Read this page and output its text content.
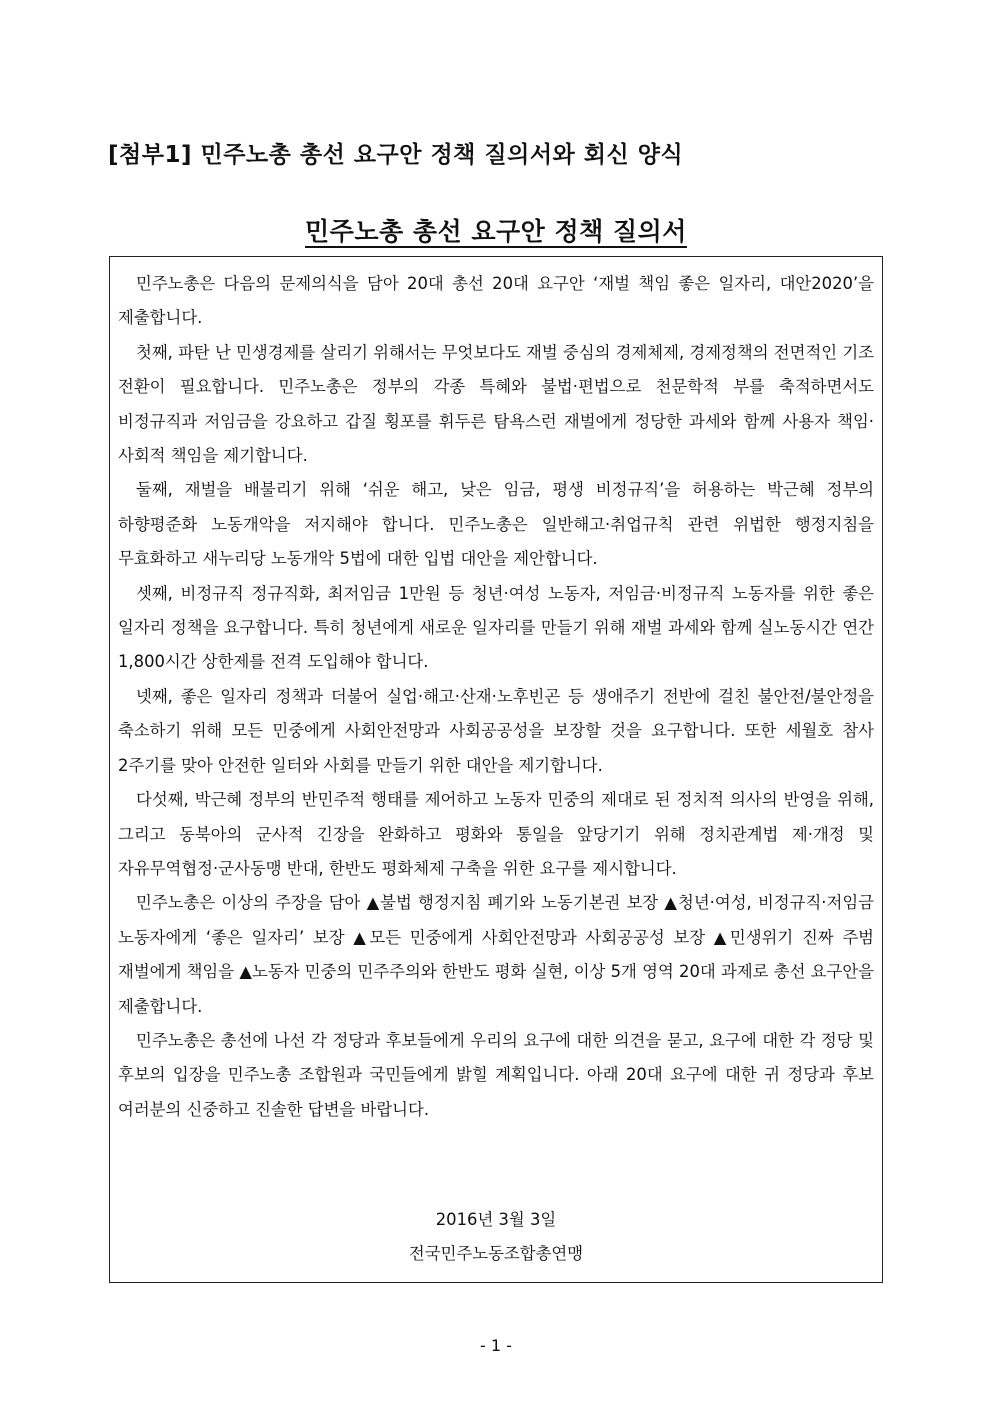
[첨부1] 민주노총 총선 요구안 정책 질의서와 회신 양식
민주노총 총선 요구안 정책 질의서

민주노총은 다음의 문제의식을 담아 20대 총선 20대 요구안 ‘재벌 책임 좋은 일자리, 대안2020’을 제출합니다.

첫째, 파탄 난 민생경제를 살리기 위해서는 무엇보다도 재벌 중심의 경제체제, 경제정책의 전면적인 기조 전환이 필요합니다. 민주노총은 정부의 각종 특혜와 불법·편법으로 천문학적 부를 축적하면서도 비정규직과 저임금을 강요하고 갑질 횡포를 휘두른 탐욕스런 재벌에게 정당한 과세와 함께 사용자 책임·사회적 책임을 제기합니다.

둘째, 재벌을 배불리기 위해 ‘쉬운 해고, 낮은 임금, 평생 비정규직’을 허용하는 박근혜 정부의 하향평준화 노동개악을 저지해야 합니다. 민주노총은 일반해고·취업규칙 관련 위법한 행정지침을 무효화하고 새누리당 노동개악 5법에 대한 입법 대안을 제안합니다.

셋째, 비정규직 정규직화, 최저임금 1만원 등 청년·여성 노동자, 저임금·비정규직 노동자를 위한 좋은 일자리 정책을 요구합니다. 특히 청년에게 새로운 일자리를 만들기 위해 재벌 과세와 함께 실노동시간 연간 1,800시간 상한제를 전격 도입해야 합니다.

넷째, 좋은 일자리 정책과 더불어 실업·해고·산재·노후빈곤 등 생애주기 전반에 걸친 불안전/불안정을 축소하기 위해 모든 민중에게 사회안전망과 사회공공성을 보장할 것을 요구합니다. 또한 세월호 참사 2주기를 맞아 안전한 일터와 사회를 만들기 위한 대안을 제기합니다.

다섯째, 박근혜 정부의 반민주적 행태를 제어하고 노동자 민중의 제대로 된 정치적 의사의 반영을 위해, 그리고 동북아의 군사적 긴장을 완화하고 평화와 통일을 앞당기기 위해 정치관계법 제·개정 및 자유무역협정·군사동맹 반대, 한반도 평화체제 구축을 위한 요구를 제시합니다.

민주노총은 이상의 주장을 담아 ▲불법 행정지침 폐기와 노동기본권 보장 ▲청년·여성, 비정규직·저임금 노동자에게 ‘좋은 일자리’ 보장 ▲모든 민중에게 사회안전망과 사회공공성 보장 ▲민생위기 진짜 주범 재벌에게 책임을 ▲노동자 민중의 민주주의와 한반도 평화 실현, 이상 5개 영역 20대 과제로 총선 요구안을 제출합니다.

민주노총은 총선에 나선 각 정당과 후보들에게 우리의 요구에 대한 의견을 묻고, 요구에 대한 각 정당 및 후보의 입장을 민주노총 조합원과 국민들에게 밝힐 계획입니다. 아래 20대 요구에 대한 귀 정당과 후보 여러분의 신중하고 진솔한 답변을 바랍니다.

2016년 3월 3일
전국민주노동조합총연맹
- 1 -
